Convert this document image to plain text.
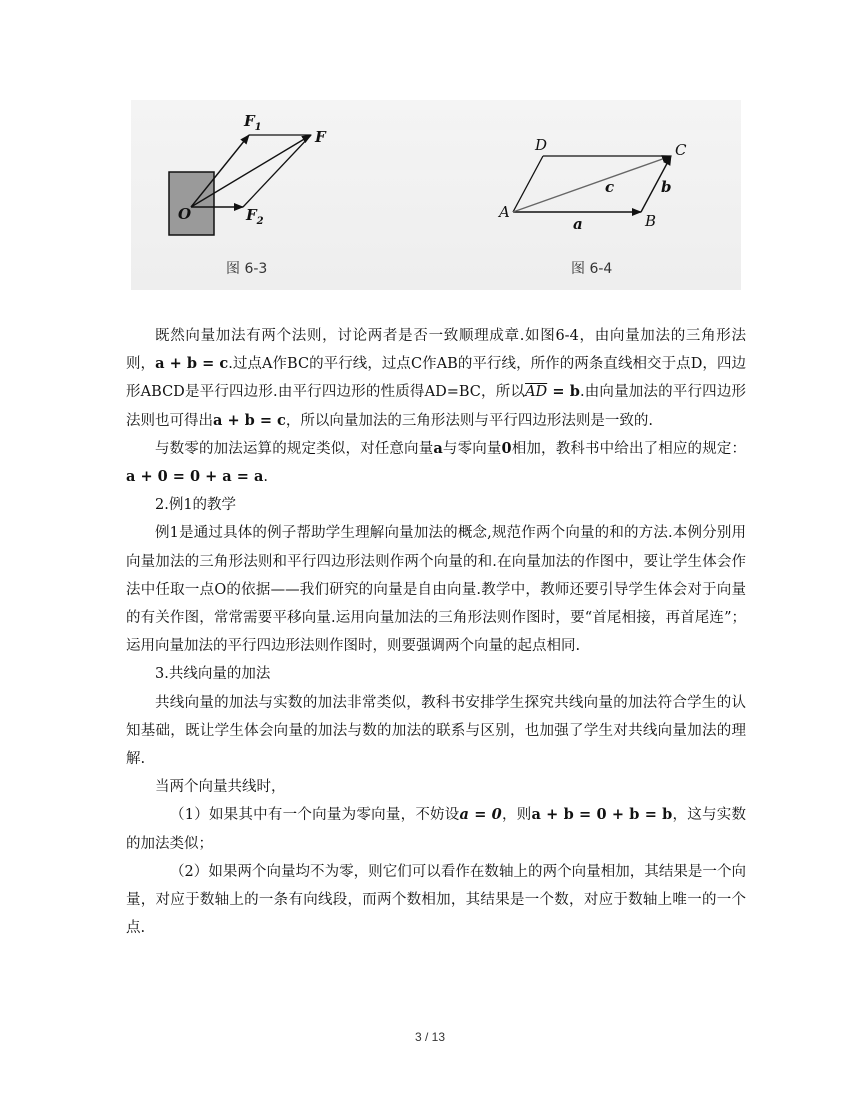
O
$F_1$
$F_2$
F
A	B
C
D
a
b
c
图 6-3	图 6-4

既然向量加法有两个法则，讨论两者是否一致顺理成章.如图6-4，由向量加法的三角形法则，a + b = c.过点A作BC的平行线，过点C作AB的平行线，所作的两条直线相交于点D，四边形ABCD是平行四边形.由平行四边形的性质得AD=BC，所以$\overline{AD} = b$.由向量加法的平行四边形法则也可得出a + b = c，所以向量加法的三角形法则与平行四边形法则是一致的.

与数零的加法运算的规定类似，对任意向量a与零向量0相加，教科书中给出了相应的规定：a + 0 = 0 + a = a.

2.例1的教学

例1是通过具体的例子帮助学生理解向量加法的概念,规范作两个向量的和的方法.本例分别用向量加法的三角形法则和平行四边形法则作两个向量的和.在向量加法的作图中，要让学生体会作法中任取一点O的依据——我们研究的向量是自由向量.教学中，教师还要引导学生体会对于向量的有关作图，常常需要平移向量.运用向量加法的三角形法则作图时，要“首尾相接，再首尾连”；运用向量加法的平行四边形法则作图时，则要强调两个向量的起点相同.

3.共线向量的加法

共线向量的加法与实数的加法非常类似，教科书安排学生探究共线向量的加法符合学生的认知基础，既让学生体会向量的加法与数的加法的联系与区别，也加强了学生对共线向量加法的理解.

当两个向量共线时，

（1）如果其中有一个向量为零向量，不妨设a = 0，则a + b = 0 + b = b，这与实数的加法类似；

（2）如果两个向量均不为零，则它们可以看作在数轴上的两个向量相加，其结果是一个向量，对应于数轴上的一条有向线段，而两个数相加，其结果是一个数，对应于数轴上唯一的一个点.

3 / 13
